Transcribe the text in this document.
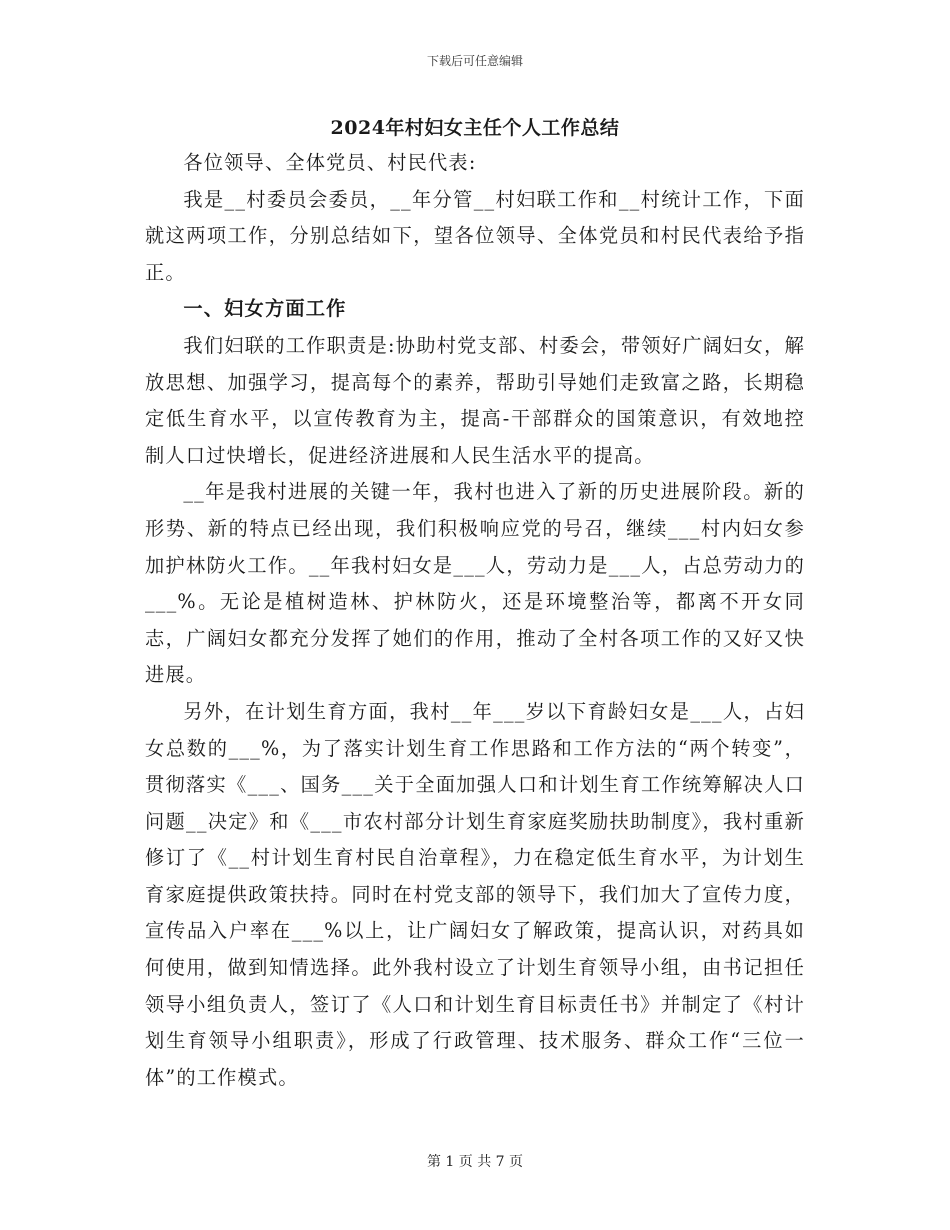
下载后可任意编辑
2024年村妇女主任个人工作总结

各位领导、全体党员、村民代表:

我是__村委员会委员，__年分管__村妇联工作和__村统计工作，下面就这两项工作，分别总结如下，望各位领导、全体党员和村民代表给予指正。

一、妇女方面工作

我们妇联的工作职责是:协助村党支部、村委会，带领好广阔妇女，解放思想、加强学习，提高每个的素养，帮助引导她们走致富之路，长期稳定低生育水平，以宣传教育为主，提高-干部群众的国策意识，有效地控制人口过快增长，促进经济进展和人民生活水平的提高。

__年是我村进展的关键一年，我村也进入了新的历史进展阶段。新的形势、新的特点已经出现，我们积极响应党的号召，继续___村内妇女参加护林防火工作。__年我村妇女是___人，劳动力是___人，占总劳动力的___%。无论是植树造林、护林防火，还是环境整治等，都离不开女同志，广阔妇女都充分发挥了她们的作用，推动了全村各项工作的又好又快进展。

另外，在计划生育方面，我村__年___岁以下育龄妇女是___人，占妇女总数的___%，为了落实计划生育工作思路和工作方法的“两个转变”，贯彻落实《___、国务___关于全面加强人口和计划生育工作统筹解决人口问题__决定》和《___市农村部分计划生育家庭奖励扶助制度》，我村重新修订了《__村计划生育村民自治章程》，力在稳定低生育水平，为计划生育家庭提供政策扶持。同时在村党支部的领导下，我们加大了宣传力度，宣传品入户率在___%以上，让广阔妇女了解政策，提高认识，对药具如何使用，做到知情选择。此外我村设立了计划生育领导小组，由书记担任领导小组负责人，签订了《人口和计划生育目标责任书》并制定了《村计划生育领导小组职责》，形成了行政管理、技术服务、群众工作“三位一体”的工作模式。

第 1 页 共 7 页
